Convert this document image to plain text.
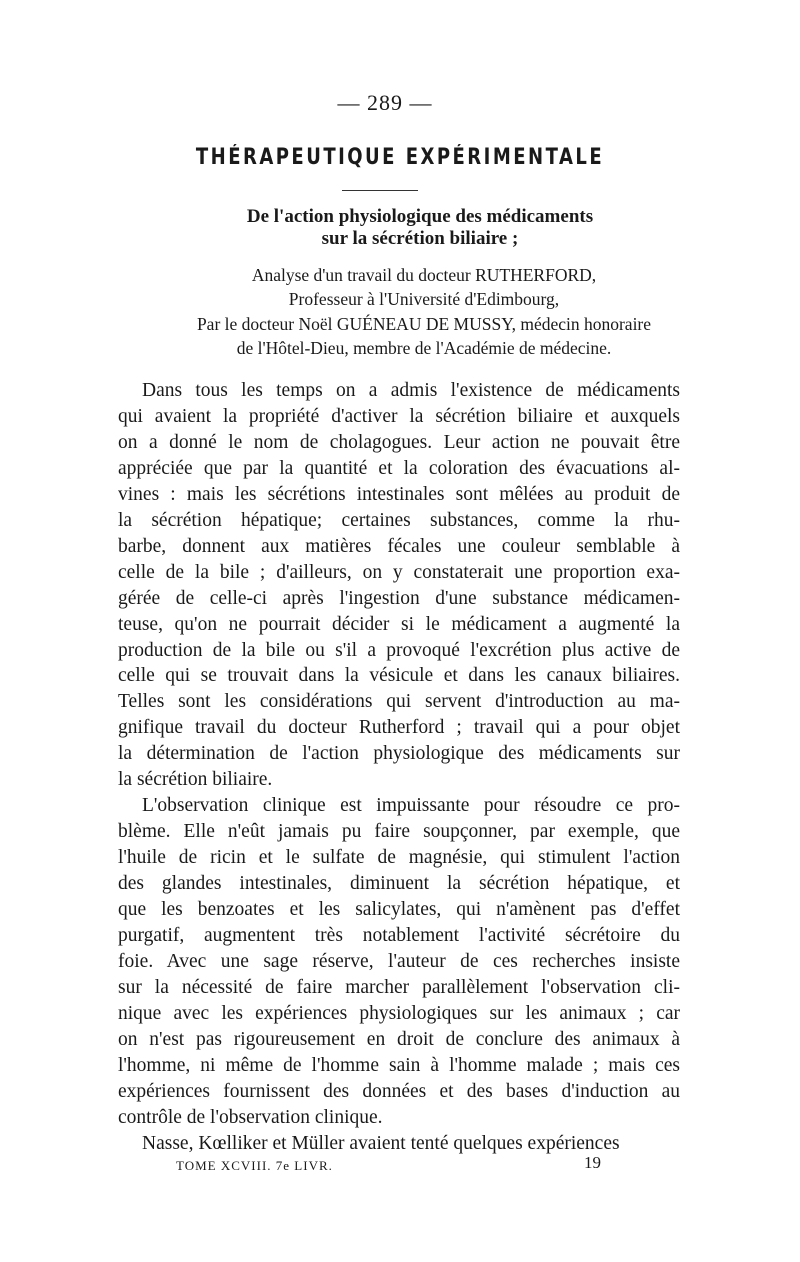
— 289 —
THÉRAPEUTIQUE EXPÉRIMENTALE
De l'action physiologique des médicaments
sur la sécrétion biliaire ;
Analyse d'un travail du docteur RUTHERFORD,
Professeur à l'Université d'Edimbourg,
Par le docteur Noël GUÉNEAU DE MUSSY, médecin honoraire
de l'Hôtel-Dieu, membre de l'Académie de médecine.
Dans tous les temps on a admis l'existence de médicaments
qui avaient la propriété d'activer la sécrétion biliaire et auxquels
on a donné le nom de cholagogues. Leur action ne pouvait être
appréciée que par la quantité et la coloration des évacuations al-
vines : mais les sécrétions intestinales sont mêlées au produit de
la sécrétion hépatique; certaines substances, comme la rhu-
barbe, donnent aux matières fécales une couleur semblable à
celle de la bile ; d'ailleurs, on y constaterait une proportion exa-
gérée de celle-ci après l'ingestion d'une substance médicamen-
teuse, qu'on ne pourrait décider si le médicament a augmenté la
production de la bile ou s'il a provoqué l'excrétion plus active de
celle qui se trouvait dans la vésicule et dans les canaux biliaires.
Telles sont les considérations qui servent d'introduction au ma-
gnifique travail du docteur Rutherford ; travail qui a pour objet
la détermination de l'action physiologique des médicaments sur
la sécrétion biliaire.
L'observation clinique est impuissante pour résoudre ce pro-
blème. Elle n'eût jamais pu faire soupçonner, par exemple, que
l'huile de ricin et le sulfate de magnésie, qui stimulent l'action
des glandes intestinales, diminuent la sécrétion hépatique, et
que les benzoates et les salicylates, qui n'amènent pas d'effet
purgatif, augmentent très notablement l'activité sécrétoire du
foie. Avec une sage réserve, l'auteur de ces recherches insiste
sur la nécessité de faire marcher parallèlement l'observation cli-
nique avec les expériences physiologiques sur les animaux ; car
on n'est pas rigoureusement en droit de conclure des animaux à
l'homme, ni même de l'homme sain à l'homme malade ; mais ces
expériences fournissent des données et des bases d'induction au
contrôle de l'observation clinique.
Nasse, Kœlliker et Müller avaient tenté quelques expériences
TOME XCVIII. 7e LIVR.	19
